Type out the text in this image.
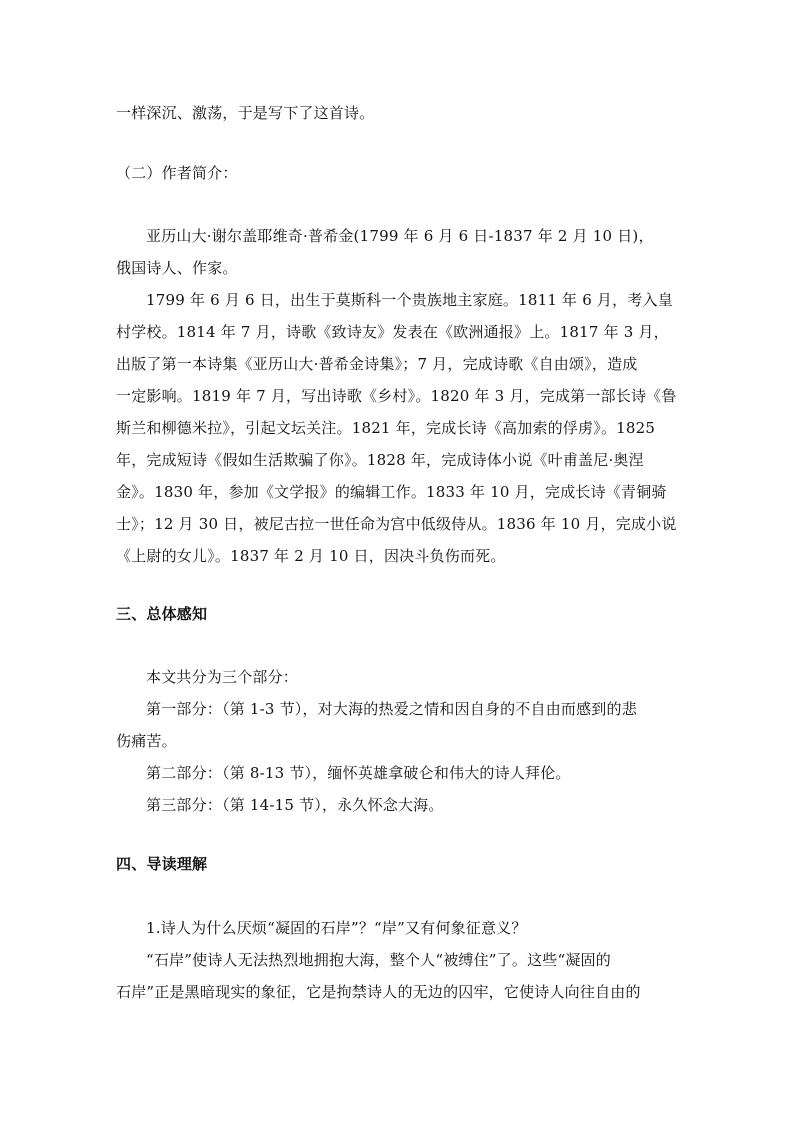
一样深沉、激荡，于是写下了这首诗。
（二）作者简介：
亚历山大·谢尔盖耶维奇·普希金(1799 年 6 月 6 日-1837 年 2 月 10 日)，
俄国诗人、作家。
1799 年 6 月 6 日，出生于莫斯科一个贵族地主家庭。1811 年 6 月，考入皇
村学校。1814 年 7 月，诗歌《致诗友》发表在《欧洲通报》上。1817 年 3 月，
出版了第一本诗集《亚历山大·普希金诗集》；7 月，完成诗歌《自由颂》，造成
一定影响。1819 年 7 月，写出诗歌《乡村》。1820 年 3 月，完成第一部长诗《鲁
斯兰和柳德米拉》，引起文坛关注。1821 年，完成长诗《高加索的俘虏》。1825
年，完成短诗《假如生活欺骗了你》。1828 年，完成诗体小说《叶甫盖尼·奥涅
金》。1830 年，参加《文学报》的编辑工作。1833 年 10 月，完成长诗《青铜骑
士》；12 月 30 日，被尼古拉一世任命为宫中低级侍从。1836 年 10 月，完成小说
《上尉的女儿》。1837 年 2 月 10 日，因决斗负伤而死。
三、总体感知
本文共分为三个部分：
第一部分：（第 1-3 节），对大海的热爱之情和因自身的不自由而感到的悲
伤痛苦。
第二部分：（第 8-13 节），缅怀英雄拿破仑和伟大的诗人拜伦。
第三部分：（第 14-15 节），永久怀念大海。
四、导读理解
1.诗人为什么厌烦“凝固的石岸”？“岸”又有何象征意义？
“石岸”使诗人无法热烈地拥抱大海，整个人“被缚住”了。这些“凝固的
石岸”正是黑暗现实的象征，它是拘禁诗人的无边的囚牢，它使诗人向往自由的
